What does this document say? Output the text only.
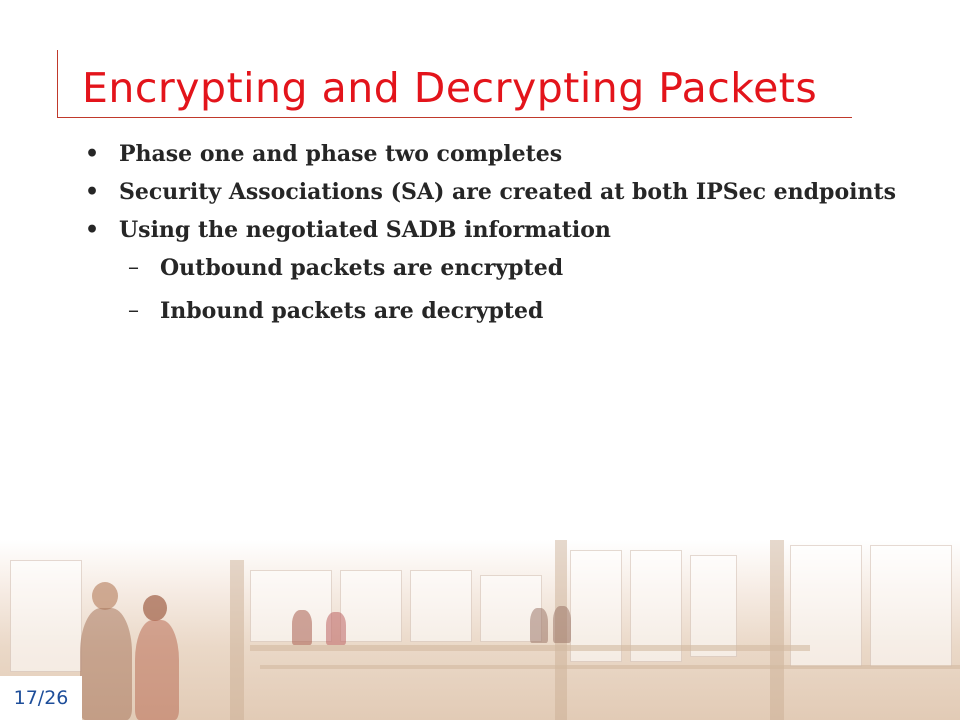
Encrypting and Decrypting Packets
• Phase one and phase two completes
• Security Associations (SA) are created at both IPSec endpoints
• Using the negotiated SADB information
– Outbound packets are encrypted
– Inbound packets are decrypted
17/26
